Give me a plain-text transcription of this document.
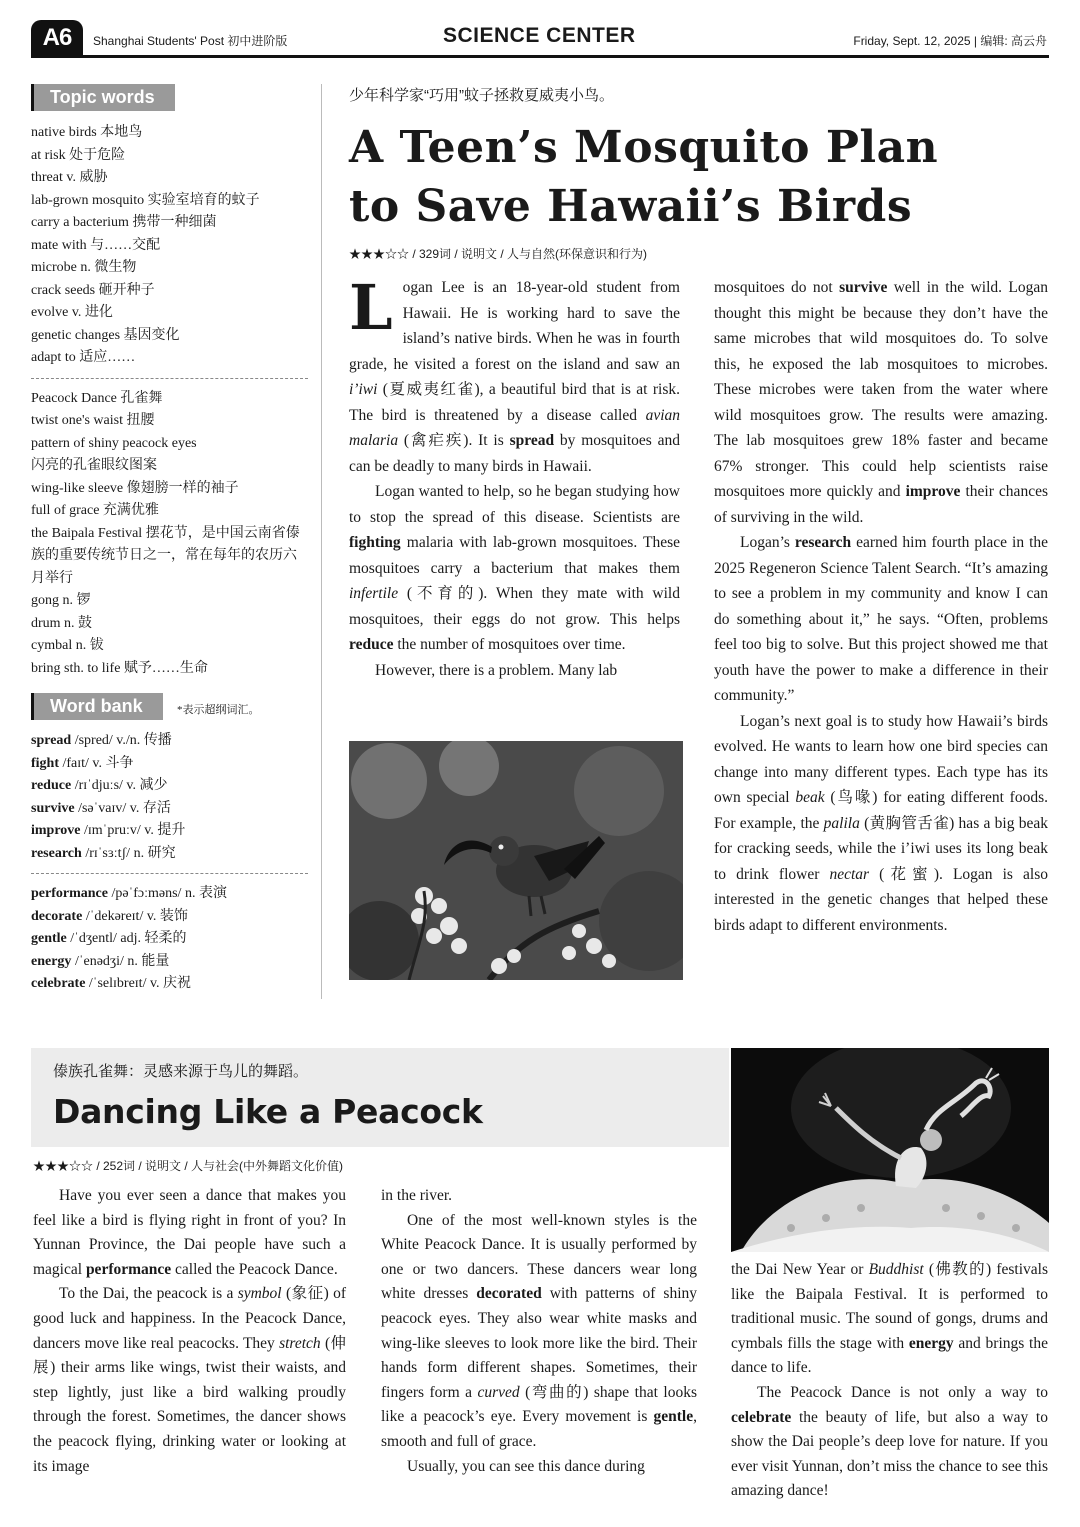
A6	Shanghai Students' Post 初中进阶版	SCIENCE CENTER	Friday, Sept. 12, 2025 | 编辑: 高云舟
Topic words
native birds 本地鸟
at risk 处于危险
threat v. 威胁
lab-grown mosquito 实验室培育的蚊子
carry a bacterium 携带一种细菌
mate with 与……交配
microbe n. 微生物
crack seeds 砸开种子
evolve v. 进化
genetic changes 基因变化
adapt to 适应……
Peacock Dance 孔雀舞
twist one's waist 扭腰
pattern of shiny peacock eyes
闪亮的孔雀眼纹图案
wing-like sleeve 像翅膀一样的袖子
full of grace 充满优雅
the Baipala Festival 摆花节，是中国云南省傣族的重要传统节日之一，常在每年的农历六月举行
gong n. 锣
drum n. 鼓
cymbal n. 钹
bring sth. to life 赋予……生命
Word bank	*表示超纲词汇。
spread /spred/ v./n. 传播
fight /faɪt/ v. 斗争
reduce /rɪˈdjuːs/ v. 减少
survive /səˈvaɪv/ v. 存活
improve /ɪmˈpruːv/ v. 提升
research /rɪˈsɜːtʃ/ n. 研究
performance /pəˈfɔːməns/ n. 表演
decorate /ˈdekəreɪt/ v. 装饰
gentle /ˈdʒentl/ adj. 轻柔的
energy /ˈenədʒi/ n. 能量
celebrate /ˈselɪbreɪt/ v. 庆祝
少年科学家“巧用”蚊子拯救夏威夷小鸟。
A Teen’s Mosquito Plan
to Save Hawaii’s Birds
★★★☆☆ / 329词 / 说明文 / 人与自然(环保意识和行为)

Logan Lee is an 18-year-old student from Hawaii. He is working hard to save the island’s native birds. When he was in fourth grade, he visited a forest on the island and saw an i’iwi (夏威夷红雀), a beautiful bird that is at risk. The bird is threatened by a disease called avian malaria (禽疟疾). It is spread by mosquitoes and can be deadly to many birds in Hawaii.

Logan wanted to help, so he began studying how to stop the spread of this disease. Scientists are fighting malaria with lab-grown mosquitoes. These mosquitoes carry a bacterium that makes them infertile (不育的). When they mate with wild mosquitoes, their eggs do not grow. This helps reduce the number of mosquitoes over time.

However, there is a problem. Many lab

mosquitoes do not survive well in the wild. Logan thought this might be because they don’t have the same microbes that wild mosquitoes do. To solve this, he exposed the lab mosquitoes to microbes. These microbes were taken from the water where wild mosquitoes grow. The results were amazing. The lab mosquitoes grew 18% faster and became 67% stronger. This could help scientists raise mosquitoes more quickly and improve their chances of surviving in the wild.

Logan’s research earned him fourth place in the 2025 Regeneron Science Talent Search. “It’s amazing to see a problem in my community and know I can do something about it,” he says. “Often, problems feel too big to solve. But this project showed me that youth have the power to make a difference in their community.”

Logan’s next goal is to study how Hawaii’s birds evolved. He wants to learn how one bird species can change into many different types. Each type has its own special beak (鸟喙) for eating different foods. For example, the palila (黄胸管舌雀) has a big beak for cracking seeds, while the i’iwi uses its long beak to drink flower nectar (花蜜). Logan is also interested in the genetic changes that helped these birds adapt to different environments.

傣族孔雀舞：灵感来源于鸟儿的舞蹈。
Dancing Like a Peacock
★★★☆☆ / 252词 / 说明文 / 人与社会(中外舞蹈文化价值)

Have you ever seen a dance that makes you feel like a bird is flying right in front of you? In Yunnan Province, the Dai people have such a magical performance called the Peacock Dance.

To the Dai, the peacock is a symbol (象征) of good luck and happiness. In the Peacock Dance, dancers move like real peacocks. They stretch (伸展) their arms like wings, twist their waists, and step lightly, just like a bird walking proudly through the forest. Sometimes, the dancer shows the peacock flying, drinking water or looking at its image

in the river.

One of the most well-known styles is the White Peacock Dance. It is usually performed by one or two dancers. These dancers wear long white dresses decorated with patterns of shiny peacock eyes. They also wear white masks and wing-like sleeves to look more like the bird. Their hands form different shapes. Sometimes, their fingers form a curved (弯曲的) shape that looks like a peacock’s eye. Every movement is gentle, smooth and full of grace.

Usually, you can see this dance during

the Dai New Year or Buddhist (佛教的) festivals like the Baipala Festival. It is performed to traditional music. The sound of gongs, drums and cymbals fills the stage with energy and brings the dance to life.

The Peacock Dance is not only a way to celebrate the beauty of life, but also a way to show the Dai people’s deep love for nature. If you ever visit Yunnan, don’t miss the chance to see this amazing dance!
